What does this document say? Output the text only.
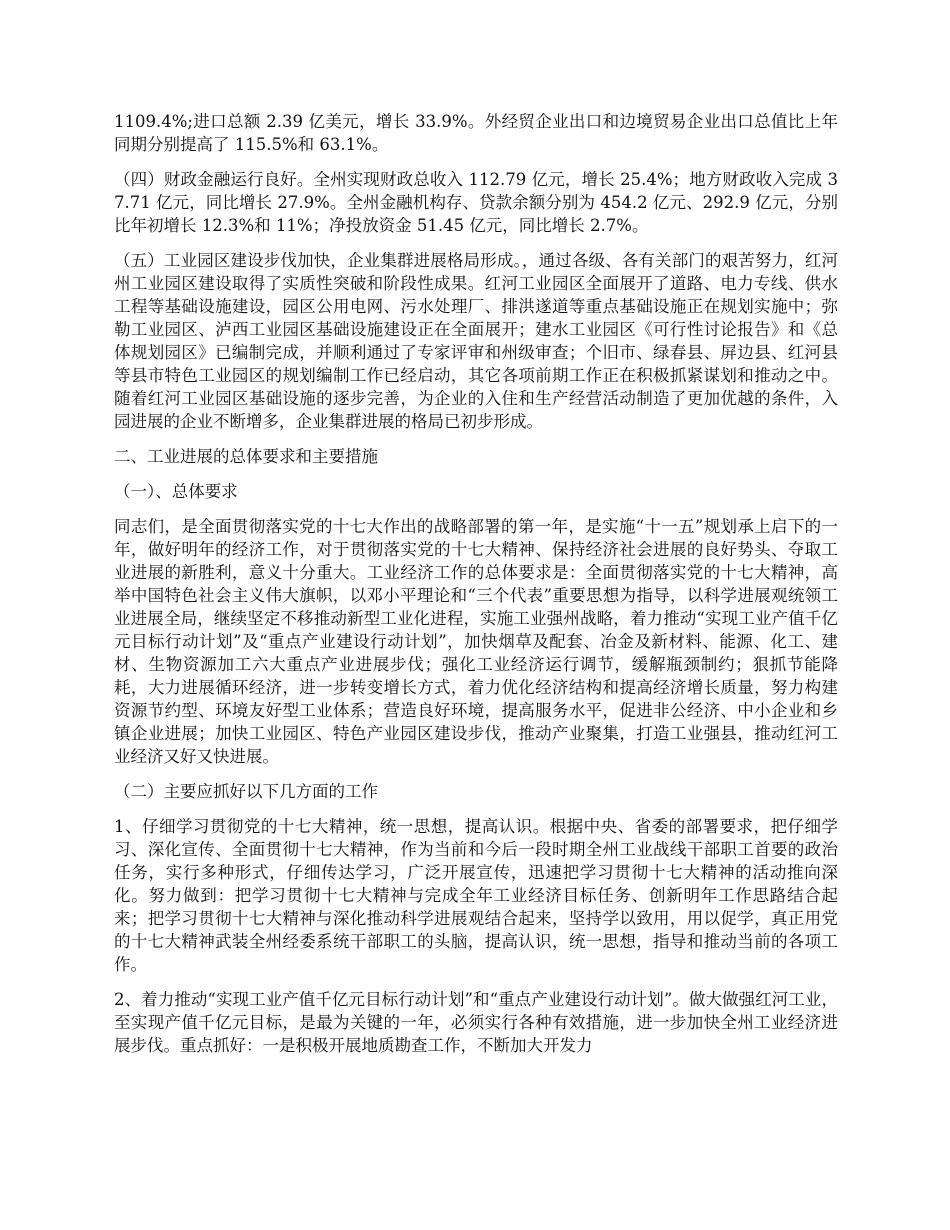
1109.4%;进口总额 2.39 亿美元，增长 33.9%。外经贸企业出口和边境贸易企业出口总值比上年同期分别提高了 115.5%和 63.1%。

（四）财政金融运行良好。全州实现财政总收入 112.79 亿元，增长 25.4%；地方财政收入完成 37.71 亿元，同比增长 27.9%。全州金融机构存、贷款余额分别为 454.2 亿元、292.9 亿元，分别比年初增长 12.3%和 11%；净投放资金 51.45 亿元，同比增长 2.7%。

（五）工业园区建设步伐加快，企业集群进展格局形成。，通过各级、各有关部门的艰苦努力，红河州工业园区建设取得了实质性突破和阶段性成果。红河工业园区全面展开了道路、电力专线、供水工程等基础设施建设，园区公用电网、污水处理厂、排洪遂道等重点基础设施正在规划实施中；弥勒工业园区、泸西工业园区基础设施建设正在全面展开；建水工业园区《可行性讨论报告》和《总体规划园区》已编制完成，并顺利通过了专家评审和州级审查；个旧市、绿春县、屏边县、红河县等县市特色工业园区的规划编制工作已经启动，其它各项前期工作正在积极抓紧谋划和推动之中。随着红河工业园区基础设施的逐步完善，为企业的入住和生产经营活动制造了更加优越的条件，入园进展的企业不断增多，企业集群进展的格局已初步形成。

二、工业进展的总体要求和主要措施

（一）、总体要求

同志们，是全面贯彻落实党的十七大作出的战略部署的第一年，是实施“十一五”规划承上启下的一年，做好明年的经济工作，对于贯彻落实党的十七大精神、保持经济社会进展的良好势头、夺取工业进展的新胜利，意义十分重大。工业经济工作的总体要求是：全面贯彻落实党的十七大精神，高举中国特色社会主义伟大旗帜，以邓小平理论和“三个代表”重要思想为指导，以科学进展观统领工业进展全局，继续坚定不移推动新型工业化进程，实施工业强州战略，着力推动“实现工业产值千亿元目标行动计划”及“重点产业建设行动计划”，加快烟草及配套、冶金及新材料、能源、化工、建材、生物资源加工六大重点产业进展步伐；强化工业经济运行调节，缓解瓶颈制约；狠抓节能降耗，大力进展循环经济，进一步转变增长方式，着力优化经济结构和提高经济增长质量，努力构建资源节约型、环境友好型工业体系；营造良好环境，提高服务水平，促进非公经济、中小企业和乡镇企业进展；加快工业园区、特色产业园区建设步伐，推动产业聚集，打造工业强县，推动红河工业经济又好又快进展。

（二）主要应抓好以下几方面的工作

1、仔细学习贯彻党的十七大精神，统一思想，提高认识。根据中央、省委的部署要求，把仔细学习、深化宣传、全面贯彻十七大精神，作为当前和今后一段时期全州工业战线干部职工首要的政治任务，实行多种形式，仔细传达学习，广泛开展宣传，迅速把学习贯彻十七大精神的活动推向深化。努力做到：把学习贯彻十七大精神与完成全年工业经济目标任务、创新明年工作思路结合起来；把学习贯彻十七大精神与深化推动科学进展观结合起来，坚持学以致用，用以促学，真正用党的十七大精神武装全州经委系统干部职工的头脑，提高认识，统一思想，指导和推动当前的各项工作。

2、着力推动“实现工业产值千亿元目标行动计划”和“重点产业建设行动计划”。做大做强红河工业，至实现产值千亿元目标，是最为关键的一年，必须实行各种有效措施，进一步加快全州工业经济进展步伐。重点抓好：一是积极开展地质勘查工作，不断加大开发力
